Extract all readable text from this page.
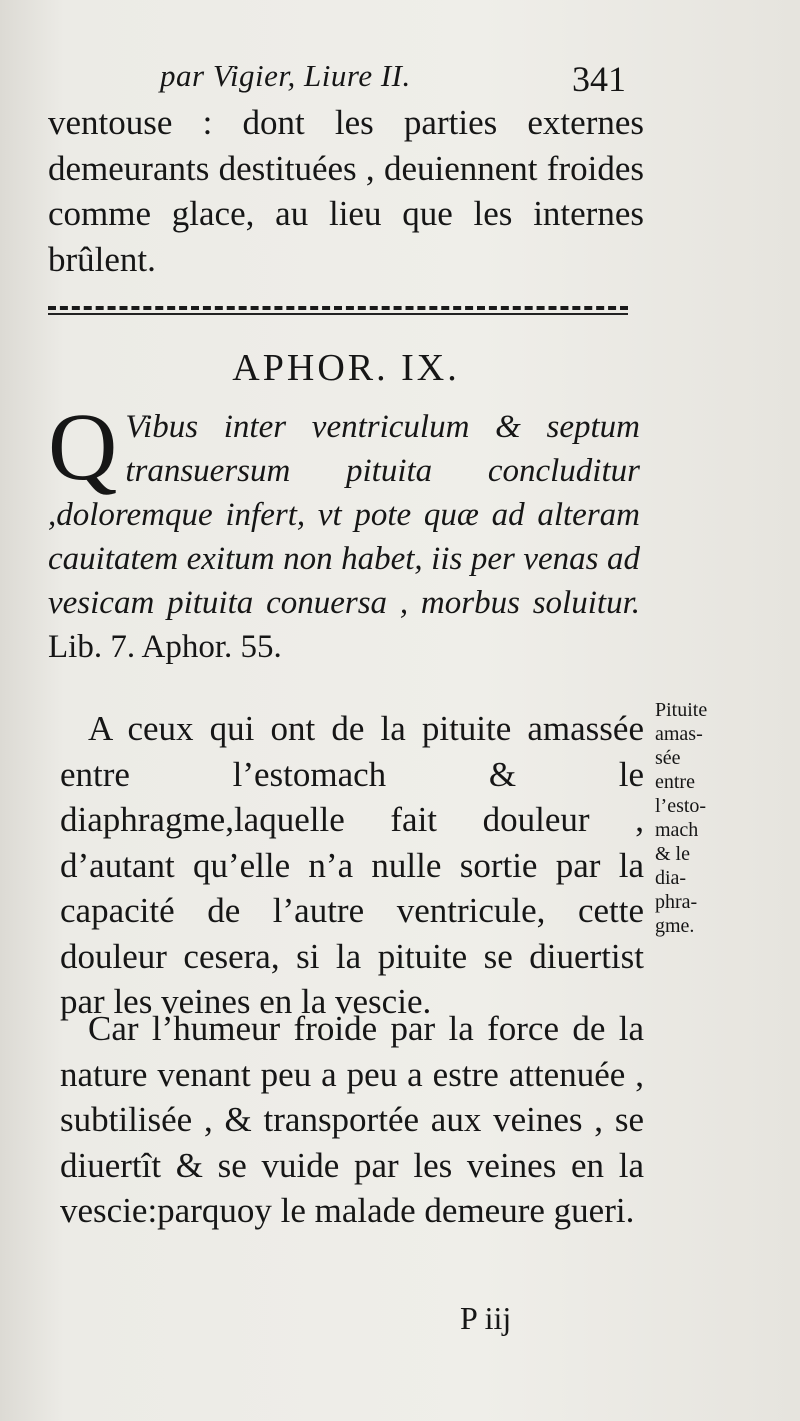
par Vigier, Liure II.	341

ventouse : dont les parties externes demeurants destituées , deuiennent froides comme glace, au lieu que les internes brûlent.

APHOR. IX.
Q Vibus inter ventriculum & septum transuersum pituita concluditur ,doloremque infert, vt pote quæ ad alteram cauitatem exitum non habet, iis per venas ad vesicam pituita conuersa , morbus soluitur. Lib. 7. Aphor. 55.

A ceux qui ont de la pituite amassée entre l’estomach & le diaphragme,laquelle fait douleur , d’autant qu’elle n’a nulle sortie par la capacité de l’autre ventricule, cette douleur cesera, si la pituite se diuertist par les veines en la vescie.

Pituite
amas-
sée
entre
l’esto-
mach
& le
dia-
phra-
gme.

Car l’humeur froide par la force de la nature venant peu a peu a estre attenuée , subtilisée , & transportée aux veines , se diuertît & se vuide par les veines en la vescie:parquoy le malade demeure gueri.

P iij
